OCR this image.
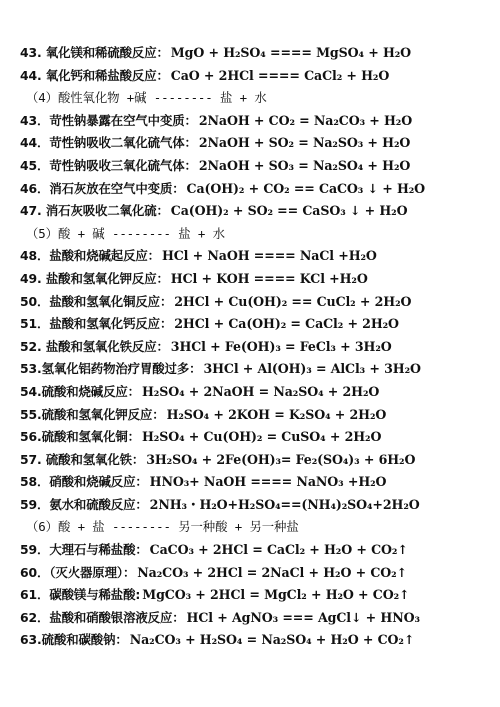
43. 氧化镁和稀硫酸反应： MgO + H₂SO₄ ==== MgSO₄ + H₂O
44. 氧化钙和稀盐酸反应： CaO + 2HCl ==== CaCl₂ + H₂O
（4）酸性氧化物 +碱 -------- 盐 + 水
43．苛性钠暴露在空气中变质： 2NaOH + CO₂ = Na₂CO₃ + H₂O
44．苛性钠吸收二氧化硫气体： 2NaOH + SO₂ = Na₂SO₃ + H₂O
45．苛性钠吸收三氧化硫气体： 2NaOH + SO₃ = Na₂SO₄ + H₂O
46．消石灰放在空气中变质： Ca(OH)₂ + CO₂ == CaCO₃ ↓ + H₂O
47. 消石灰吸收二氧化硫： Ca(OH)₂ + SO₂ == CaSO₃ ↓ + H₂O
（5）酸 + 碱 -------- 盐 + 水
48．盐酸和烧碱起反应： HCl + NaOH ==== NaCl +H₂O
49. 盐酸和氢氧化钾反应： HCl + KOH ==== KCl +H₂O
50．盐酸和氢氧化铜反应： 2HCl + Cu(OH)₂ == CuCl₂ + 2H₂O
51．盐酸和氢氧化钙反应： 2HCl + Ca(OH)₂ = CaCl₂ + 2H₂O
52. 盐酸和氢氧化铁反应： 3HCl + Fe(OH)₃ = FeCl₃ + 3H₂O
53.氢氧化铝药物治疗胃酸过多： 3HCl + Al(OH)₃ = AlCl₃ + 3H₂O
54.硫酸和烧碱反应： H₂SO₄ + 2NaOH = Na₂SO₄ + 2H₂O
55.硫酸和氢氧化钾反应： H₂SO₄ + 2KOH = K₂SO₄ + 2H₂O
56.硫酸和氢氧化铜： H₂SO₄ + Cu(OH)₂ = CuSO₄ + 2H₂O
57. 硫酸和氢氧化铁： 3H₂SO₄ + 2Fe(OH)₃= Fe₂(SO₄)₃ + 6H₂O
58．硝酸和烧碱反应： HNO₃+ NaOH ==== NaNO₃ +H₂O
59．氨水和硫酸反应： 2NH₃・H₂O+H₂SO₄==(NH₄)₂SO₄+2H₂O
（6）酸 + 盐 -------- 另一种酸 + 另一种盐
59．大理石与稀盐酸： CaCO₃ + 2HCl = CaCl₂ + H₂O + CO₂↑
60．（灭火器原理）： Na₂CO₃ + 2HCl = 2NaCl + H₂O + CO₂↑
61．碳酸镁与稀盐酸: MgCO₃ + 2HCl = MgCl₂ + H₂O + CO₂↑
62．盐酸和硝酸银溶液反应： HCl + AgNO₃ === AgCl↓ + HNO₃
63.硫酸和碳酸钠： Na₂CO₃ + H₂SO₄ = Na₂SO₄ + H₂O + CO₂↑
